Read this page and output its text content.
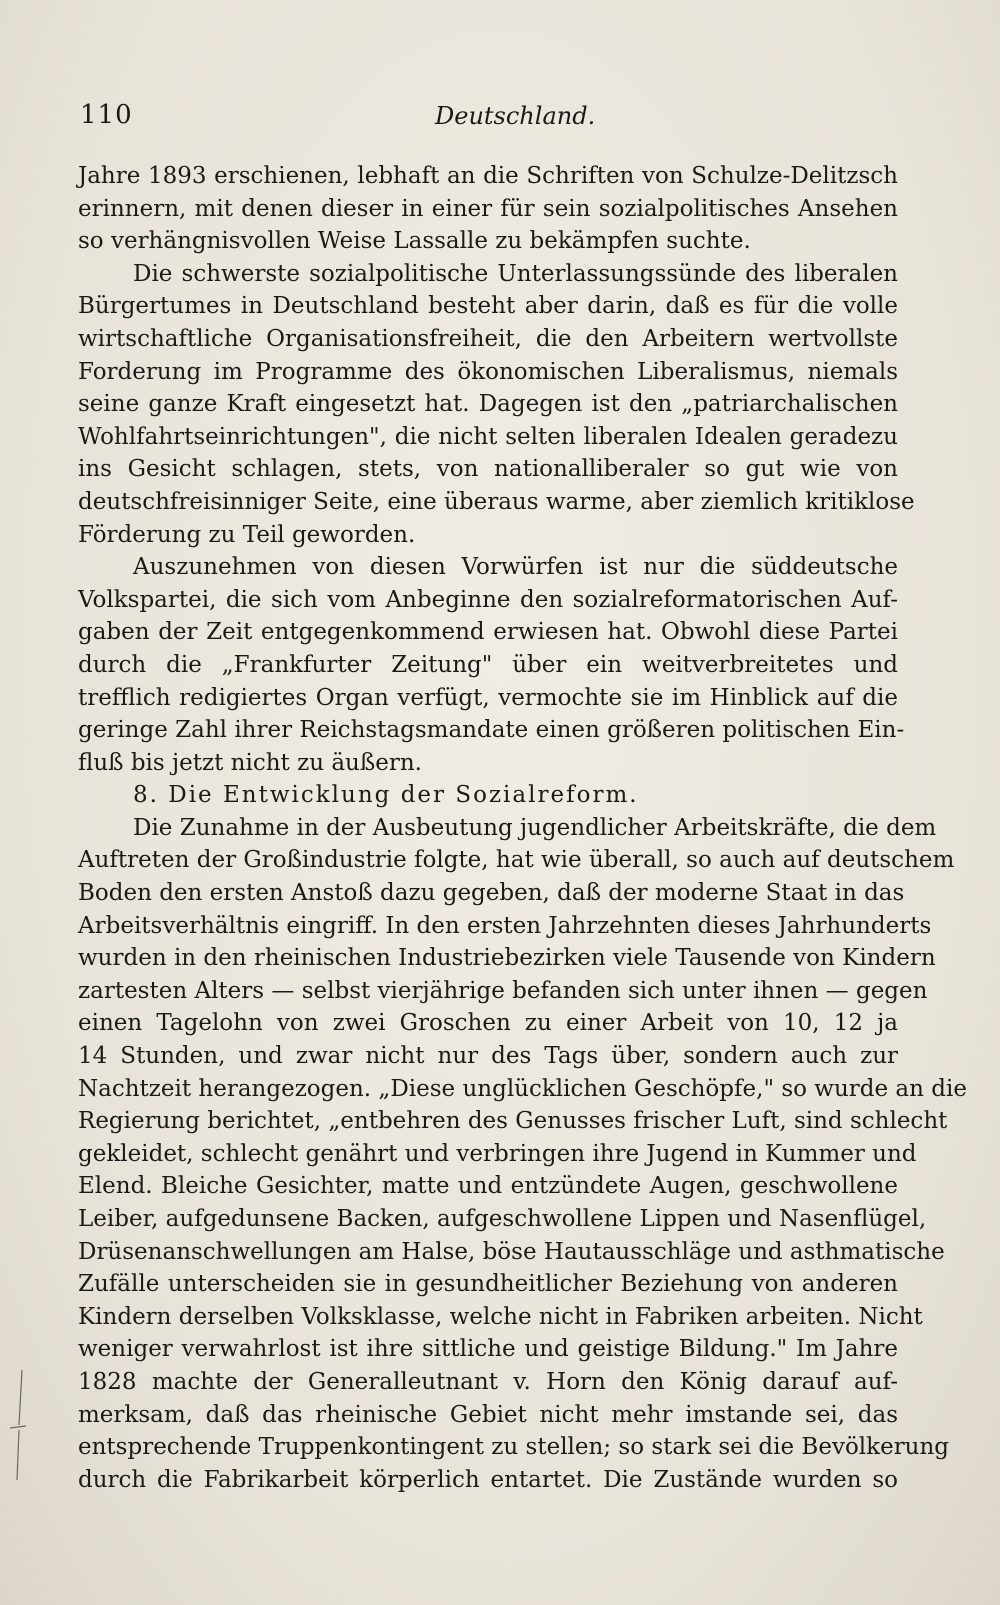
110	Deutschland.
Jahre 1893 erschienen, lebhaft an die Schriften von Schulze-Delitzsch
erinnern, mit denen dieser in einer für sein sozialpolitisches Ansehen
so verhängnisvollen Weise Lassalle zu bekämpfen suchte.
Die schwerste sozialpolitische Unterlassungssünde des liberalen
Bürgertumes in Deutschland besteht aber darin, daß es für die volle
wirtschaftliche Organisationsfreiheit, die den Arbeitern wertvollste
Forderung im Programme des ökonomischen Liberalismus, niemals
seine ganze Kraft eingesetzt hat. Dagegen ist den „patriarchalischen
Wohlfahrtseinrichtungen", die nicht selten liberalen Idealen geradezu
ins Gesicht schlagen, stets, von nationalliberaler so gut wie von
deutschfreisinniger Seite, eine überaus warme, aber ziemlich kritiklose
Förderung zu Teil geworden.
Auszunehmen von diesen Vorwürfen ist nur die süddeutsche
Volkspartei, die sich vom Anbeginne den sozialreformatorischen Auf-
gaben der Zeit entgegenkommend erwiesen hat. Obwohl diese Partei
durch die „Frankfurter Zeitung" über ein weitverbreitetes und
trefflich redigiertes Organ verfügt, vermochte sie im Hinblick auf die
geringe Zahl ihrer Reichstagsmandate einen größeren politischen Ein-
fluß bis jetzt nicht zu äußern.
8. Die Entwicklung der Sozialreform.
Die Zunahme in der Ausbeutung jugendlicher Arbeitskräfte, die dem
Auftreten der Großindustrie folgte, hat wie überall, so auch auf deutschem
Boden den ersten Anstoß dazu gegeben, daß der moderne Staat in das
Arbeitsverhältnis eingriff. In den ersten Jahrzehnten dieses Jahrhunderts
wurden in den rheinischen Industriebezirken viele Tausende von Kindern
zartesten Alters — selbst vierjährige befanden sich unter ihnen — gegen
einen Tagelohn von zwei Groschen zu einer Arbeit von 10, 12 ja
14 Stunden, und zwar nicht nur des Tags über, sondern auch zur
Nachtzeit herangezogen. „Diese unglücklichen Geschöpfe," so wurde an die
Regierung berichtet, „entbehren des Genusses frischer Luft, sind schlecht
gekleidet, schlecht genährt und verbringen ihre Jugend in Kummer und
Elend. Bleiche Gesichter, matte und entzündete Augen, geschwollene
Leiber, aufgedunsene Backen, aufgeschwollene Lippen und Nasenflügel,
Drüsenanschwellungen am Halse, böse Hautausschläge und asthmatische
Zufälle unterscheiden sie in gesundheitlicher Beziehung von anderen
Kindern derselben Volksklasse, welche nicht in Fabriken arbeiten. Nicht
weniger verwahrlost ist ihre sittliche und geistige Bildung." Im Jahre
1828 machte der Generalleutnant v. Horn den König darauf auf-
merksam, daß das rheinische Gebiet nicht mehr imstande sei, das
entsprechende Truppenkontingent zu stellen; so stark sei die Bevölkerung
durch die Fabrikarbeit körperlich entartet. Die Zustände wurden so
